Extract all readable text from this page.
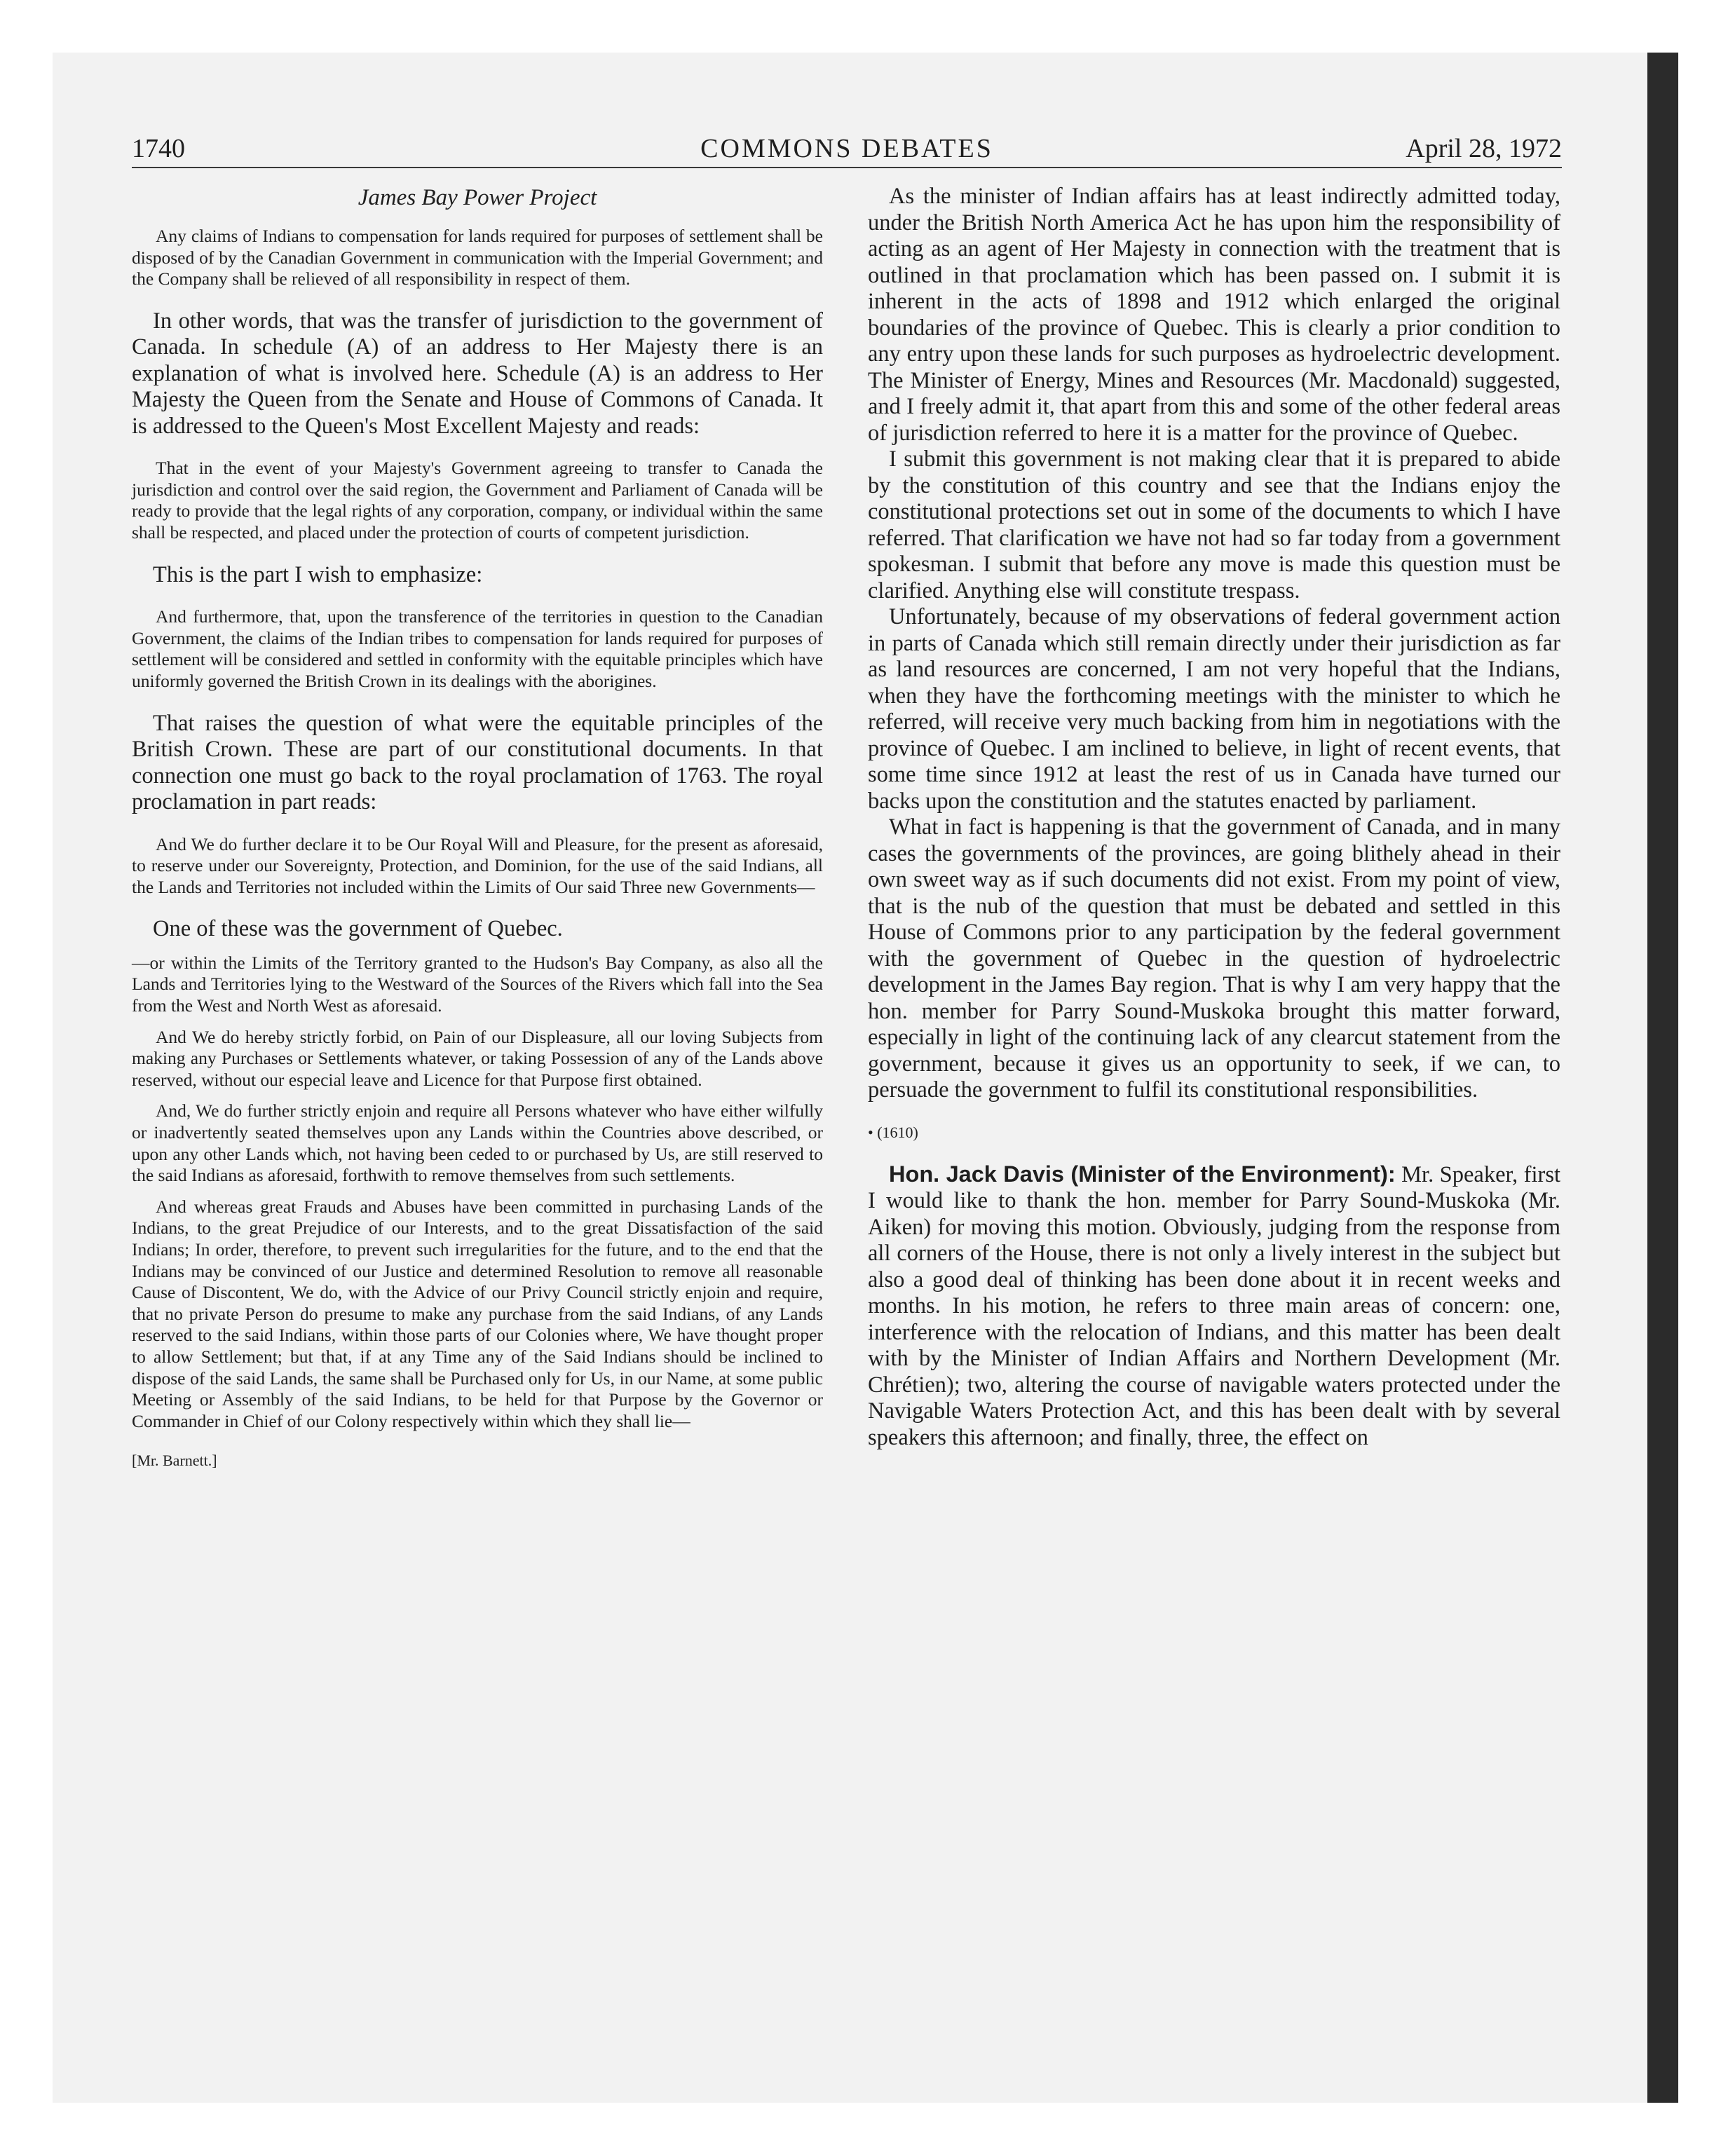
1740	COMMONS DEBATES	April 28, 1972

James Bay Power Project

Any claims of Indians to compensation for lands required for purposes of settlement shall be disposed of by the Canadian Government in communication with the Imperial Government; and the Company shall be relieved of all responsibility in respect of them.

In other words, that was the transfer of jurisdiction to the government of Canada. In schedule (A) of an address to Her Majesty there is an explanation of what is involved here. Schedule (A) is an address to Her Majesty the Queen from the Senate and House of Commons of Canada. It is addressed to the Queen's Most Excellent Majesty and reads:

That in the event of your Majesty's Government agreeing to transfer to Canada the jurisdiction and control over the said region, the Government and Parliament of Canada will be ready to provide that the legal rights of any corporation, company, or individual within the same shall be respected, and placed under the protection of courts of competent jurisdiction.

This is the part I wish to emphasize:

And furthermore, that, upon the transference of the territories in question to the Canadian Government, the claims of the Indian tribes to compensation for lands required for purposes of settlement will be considered and settled in conformity with the equitable principles which have uniformly governed the British Crown in its dealings with the aborigines.

That raises the question of what were the equitable principles of the British Crown. These are part of our constitutional documents. In that connection one must go back to the royal proclamation of 1763. The royal proclamation in part reads:

And We do further declare it to be Our Royal Will and Pleasure, for the present as aforesaid, to reserve under our Sovereignty, Protection, and Dominion, for the use of the said Indians, all the Lands and Territories not included within the Limits of Our said Three new Governments—

One of these was the government of Quebec.

—or within the Limits of the Territory granted to the Hudson's Bay Company, as also all the Lands and Territories lying to the Westward of the Sources of the Rivers which fall into the Sea from the West and North West as aforesaid.

And We do hereby strictly forbid, on Pain of our Displeasure, all our loving Subjects from making any Purchases or Settlements whatever, or taking Possession of any of the Lands above reserved, without our especial leave and Licence for that Purpose first obtained.

And, We do further strictly enjoin and require all Persons whatever who have either wilfully or inadvertently seated themselves upon any Lands within the Countries above described, or upon any other Lands which, not having been ceded to or purchased by Us, are still reserved to the said Indians as aforesaid, forthwith to remove themselves from such settlements.

And whereas great Frauds and Abuses have been committed in purchasing Lands of the Indians, to the great Prejudice of our Interests, and to the great Dissatisfaction of the said Indians; In order, therefore, to prevent such irregularities for the future, and to the end that the Indians may be convinced of our Justice and determined Resolution to remove all reasonable Cause of Discontent, We do, with the Advice of our Privy Council strictly enjoin and require, that no private Person do presume to make any purchase from the said Indians, of any Lands reserved to the said Indians, within those parts of our Colonies where, We have thought proper to allow Settlement; but that, if at any Time any of the Said Indians should be inclined to dispose of the said Lands, the same shall be Purchased only for Us, in our Name, at some public Meeting or Assembly of the said Indians, to be held for that Purpose by the Governor or Commander in Chief of our Colony respectively within which they shall lie—

[Mr. Barnett.]

As the minister of Indian affairs has at least indirectly admitted today, under the British North America Act he has upon him the responsibility of acting as an agent of Her Majesty in connection with the treatment that is outlined in that proclamation which has been passed on. I submit it is inherent in the acts of 1898 and 1912 which enlarged the original boundaries of the province of Quebec. This is clearly a prior condition to any entry upon these lands for such purposes as hydroelectric development. The Minister of Energy, Mines and Resources (Mr. Macdonald) suggested, and I freely admit it, that apart from this and some of the other federal areas of jurisdiction referred to here it is a matter for the province of Quebec.

I submit this government is not making clear that it is prepared to abide by the constitution of this country and see that the Indians enjoy the constitutional protections set out in some of the documents to which I have referred. That clarification we have not had so far today from a government spokesman. I submit that before any move is made this question must be clarified. Anything else will constitute trespass.

Unfortunately, because of my observations of federal government action in parts of Canada which still remain directly under their jurisdiction as far as land resources are concerned, I am not very hopeful that the Indians, when they have the forthcoming meetings with the minister to which he referred, will receive very much backing from him in negotiations with the province of Quebec. I am inclined to believe, in light of recent events, that some time since 1912 at least the rest of us in Canada have turned our backs upon the constitution and the statutes enacted by parliament.

What in fact is happening is that the government of Canada, and in many cases the governments of the provinces, are going blithely ahead in their own sweet way as if such documents did not exist. From my point of view, that is the nub of the question that must be debated and settled in this House of Commons prior to any participation by the federal government with the government of Quebec in the question of hydroelectric development in the James Bay region. That is why I am very happy that the hon. member for Parry Sound-Muskoka brought this matter forward, especially in light of the continuing lack of any clearcut statement from the government, because it gives us an opportunity to seek, if we can, to persuade the government to fulfil its constitutional responsibilities.

• (1610)

Hon. Jack Davis (Minister of the Environment): Mr. Speaker, first I would like to thank the hon. member for Parry Sound-Muskoka (Mr. Aiken) for moving this motion. Obviously, judging from the response from all corners of the House, there is not only a lively interest in the subject but also a good deal of thinking has been done about it in recent weeks and months. In his motion, he refers to three main areas of concern: one, interference with the relocation of Indians, and this matter has been dealt with by the Minister of Indian Affairs and Northern Development (Mr. Chrétien); two, altering the course of navigable waters protected under the Navigable Waters Protection Act, and this has been dealt with by several speakers this afternoon; and finally, three, the effect on
